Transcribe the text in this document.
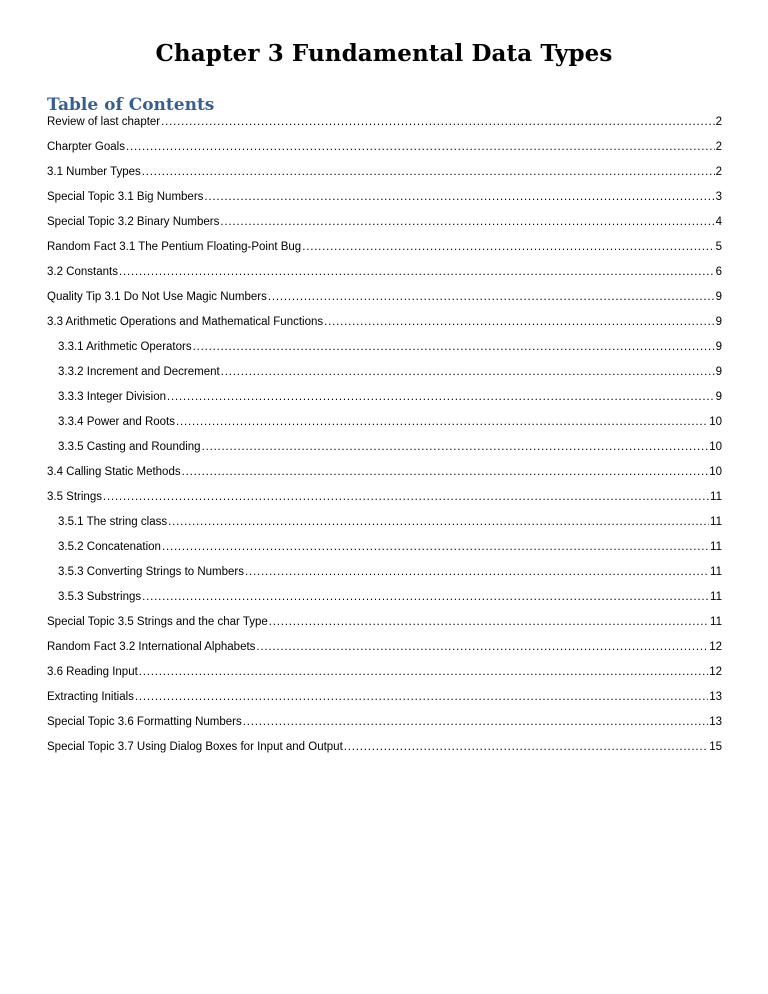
Chapter 3 Fundamental Data Types
Table of Contents
Review of last chapter .....	2
Charpter Goals .....	2
3.1 Number Types .....	2
Special Topic 3.1 Big Numbers .....	3
Special Topic 3.2 Binary Numbers .....	4
Random Fact 3.1 The Pentium Floating-Point Bug .....	5
3.2 Constants .....	6
Quality Tip 3.1 Do Not Use Magic Numbers .....	9
3.3 Arithmetic Operations and Mathematical Functions .....	9
3.3.1 Arithmetic Operators .....	9
3.3.2 Increment and Decrement .....	9
3.3.3 Integer Division .....	9
3.3.4 Power and Roots .....	10
3.3.5 Casting and Rounding .....	10
3.4 Calling Static Methods .....	10
3.5 Strings .....	11
3.5.1 The string class .....	11
3.5.2 Concatenation .....	11
3.5.3 Converting Strings to Numbers .....	11
3.5.3 Substrings .....	11
Special Topic 3.5 Strings and the char Type .....	11
Random Fact 3.2 International Alphabets .....	12
3.6 Reading Input .....	12
Extracting Initials .....	13
Special Topic 3.6 Formatting Numbers .....	13
Special Topic 3.7 Using Dialog Boxes for Input and Output .....	15
